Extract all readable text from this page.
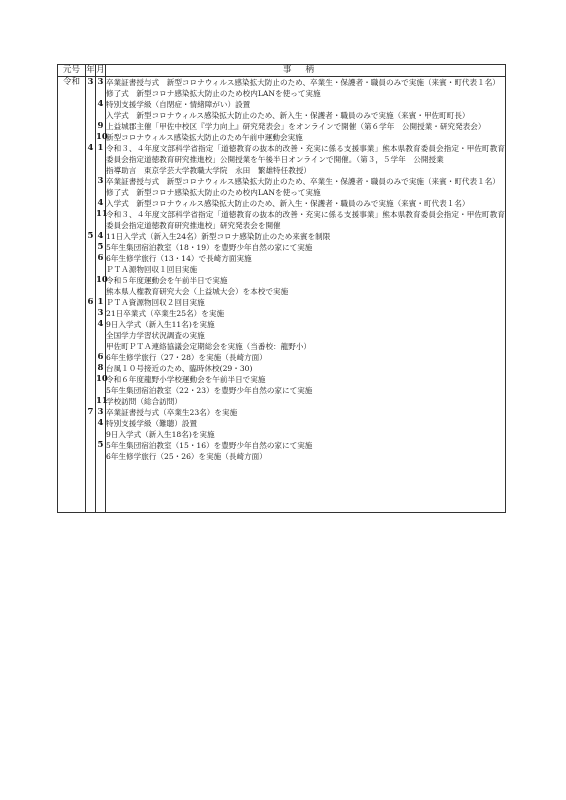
元号	年	月	事柄
令和	3	3	卒業証書授与式　新型コロナウィルス感染拡大防止のため、卒業生・保護者・職員のみで実施（来賓・町代表１名）
			修了式　新型コロナ感染拡大防止のため校内LANを使って実施
		4	特別支援学級（自閉症・情緒障がい）設置
			入学式　新型コロナウィルス感染拡大防止のため、新入生・保護者・職員のみで実施（来賓・甲佐町町長）
		9	上益城郡主催「甲佐中校区『学力向上』研究発表会」をオンラインで開催（第６学年　公開授業・研究発表会）
		10	新型コロナウィルス感染拡大防止のため午前中運動会実施
	4	1	令和３、４年度文部科学省指定「道徳教育の抜本的改善・充実に係る支援事業」熊本県教育委員会指定・甲佐町教育委員会指定道徳教育研究推進校」公開授業を午後半日オンラインで開催。（第３，５学年　公開授業
			指導助言　東京学芸大学教職大学院　永田　繁雄特任教授）
		3	卒業証書授与式　新型コロナウィルス感染拡大防止のため、卒業生・保護者・職員のみで実施（来賓・町代表１名）
			修了式　新型コロナ感染拡大防止のため校内LANを使って実施
		4	入学式　新型コロナウィルス感染拡大防止のため、新入生・保護者・職員のみで実施（来賓・町代表１名）
		11	令和３、４年度文部科学省指定「道徳教育の抜本的改善・充実に係る支援事業」熊本県教育委員会指定・甲佐町教育委員会指定道徳教育研究推進校」研究発表会を開催
	5	4	11日入学式（新入生24名）新型コロナ感染防止のため来賓を制限
		5	5年生集団宿泊教室（18・19）を豊野少年自然の家にて実施
		6	6年生修学旅行（13・14）で長崎方面実施
			ＰＴＡ源物回収１回目実施
		10	令和５年度運動会を午前半日で実施
			熊本県人権教育研究大会（上益城大会）を本校で実施
	6	1	ＰＴＡ資源物回収２回目実施
		3	21日卒業式（卒業生25名）を実施
		4	9日入学式（新入生11名)を実施
			全国学力学習状況調査の実施
			甲佐町ＰＴＡ連絡協議会定期総会を実施（当番校：龍野小）
		6	6年生修学旅行（27・28）を実施（長崎方面）
		8	台風１０号接近のため、臨時休校(29・30)
		10	令和６年度龍野小学校運動会を午前半日で実施
			5年生集団宿泊教室（22・23）を豊野少年自然の家にて実施
		11	学校訪問（総合訪問）
	7	3	卒業証書授与式（卒業生23名）を実施
		4	特別支援学級（難聴）設置
			9日入学式（新入生18名)を実施
		5	5年生集団宿泊教室（15・16）を豊野少年自然の家にて実施
			6年生修学旅行（25・26）を実施（長崎方面）
